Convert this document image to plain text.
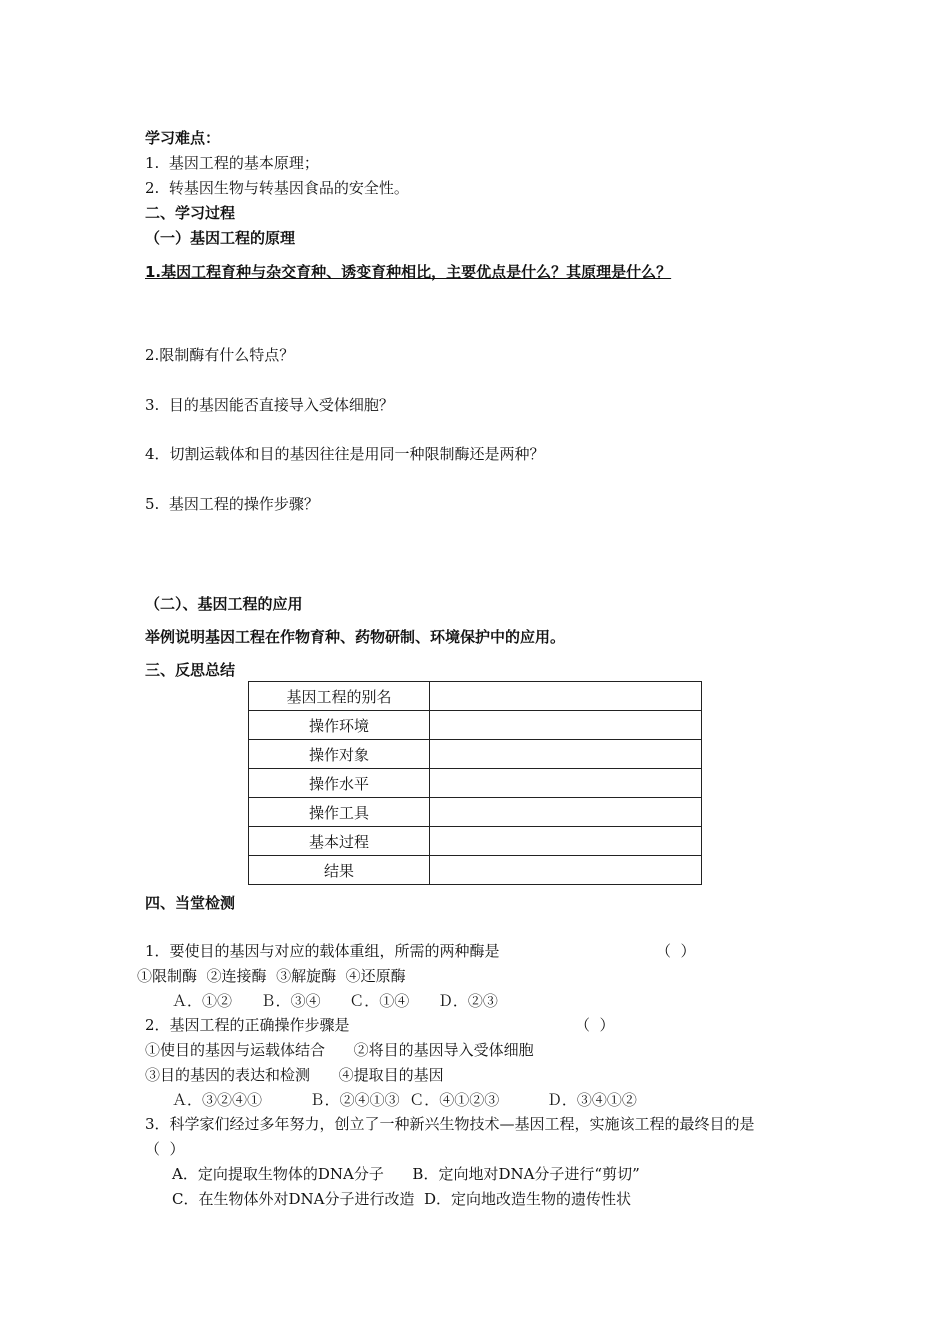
学习难点：
1.  基因工程的基本原理；
2.  转基因生物与转基因食品的安全性。
二、学习过程
（一）基因工程的原理
1.基因工程育种与杂交育种、诱变育种相比，主要优点是什么？其原理是什么？
2.限制酶有什么特点？
3.  目的基因能否直接导入受体细胞？
4．切割运载体和目的基因往往是用同一种限制酶还是两种？
5.  基因工程的操作步骤？
（二）、基因工程的应用
举例说明基因工程在作物育种、药物研制、环境保护中的应用。
三、反思总结
基因工程的别名	
操作环境	
操作对象	
操作水平	
操作工具	
基本过程	
结果	
四、当堂检测
1．要使目的基因与对应的载体重组，所需的两种酶是	（  ）
①限制酶  ②连接酶  ③解旋酶  ④还原酶
Ａ．①②      Ｂ．③④      Ｃ．①④      Ｄ．②③
2．基因工程的正确操作步骤是	（  ）
①使目的基因与运载体结合      ②将目的基因导入受体细胞
③目的基因的表达和检测      ④提取目的基因
Ａ．③②④①          Ｂ．②④①③  Ｃ．④①②③          Ｄ．③④①②
3．科学家们经过多年努力，创立了一种新兴生物技术—基因工程，实施该工程的最终目的是
（  ）
A．定向提取生物体的DNA分子      B．定向地对DNA分子进行“剪切”
C．在生物体外对DNA分子进行改造  D．定向地改造生物的遗传性状
